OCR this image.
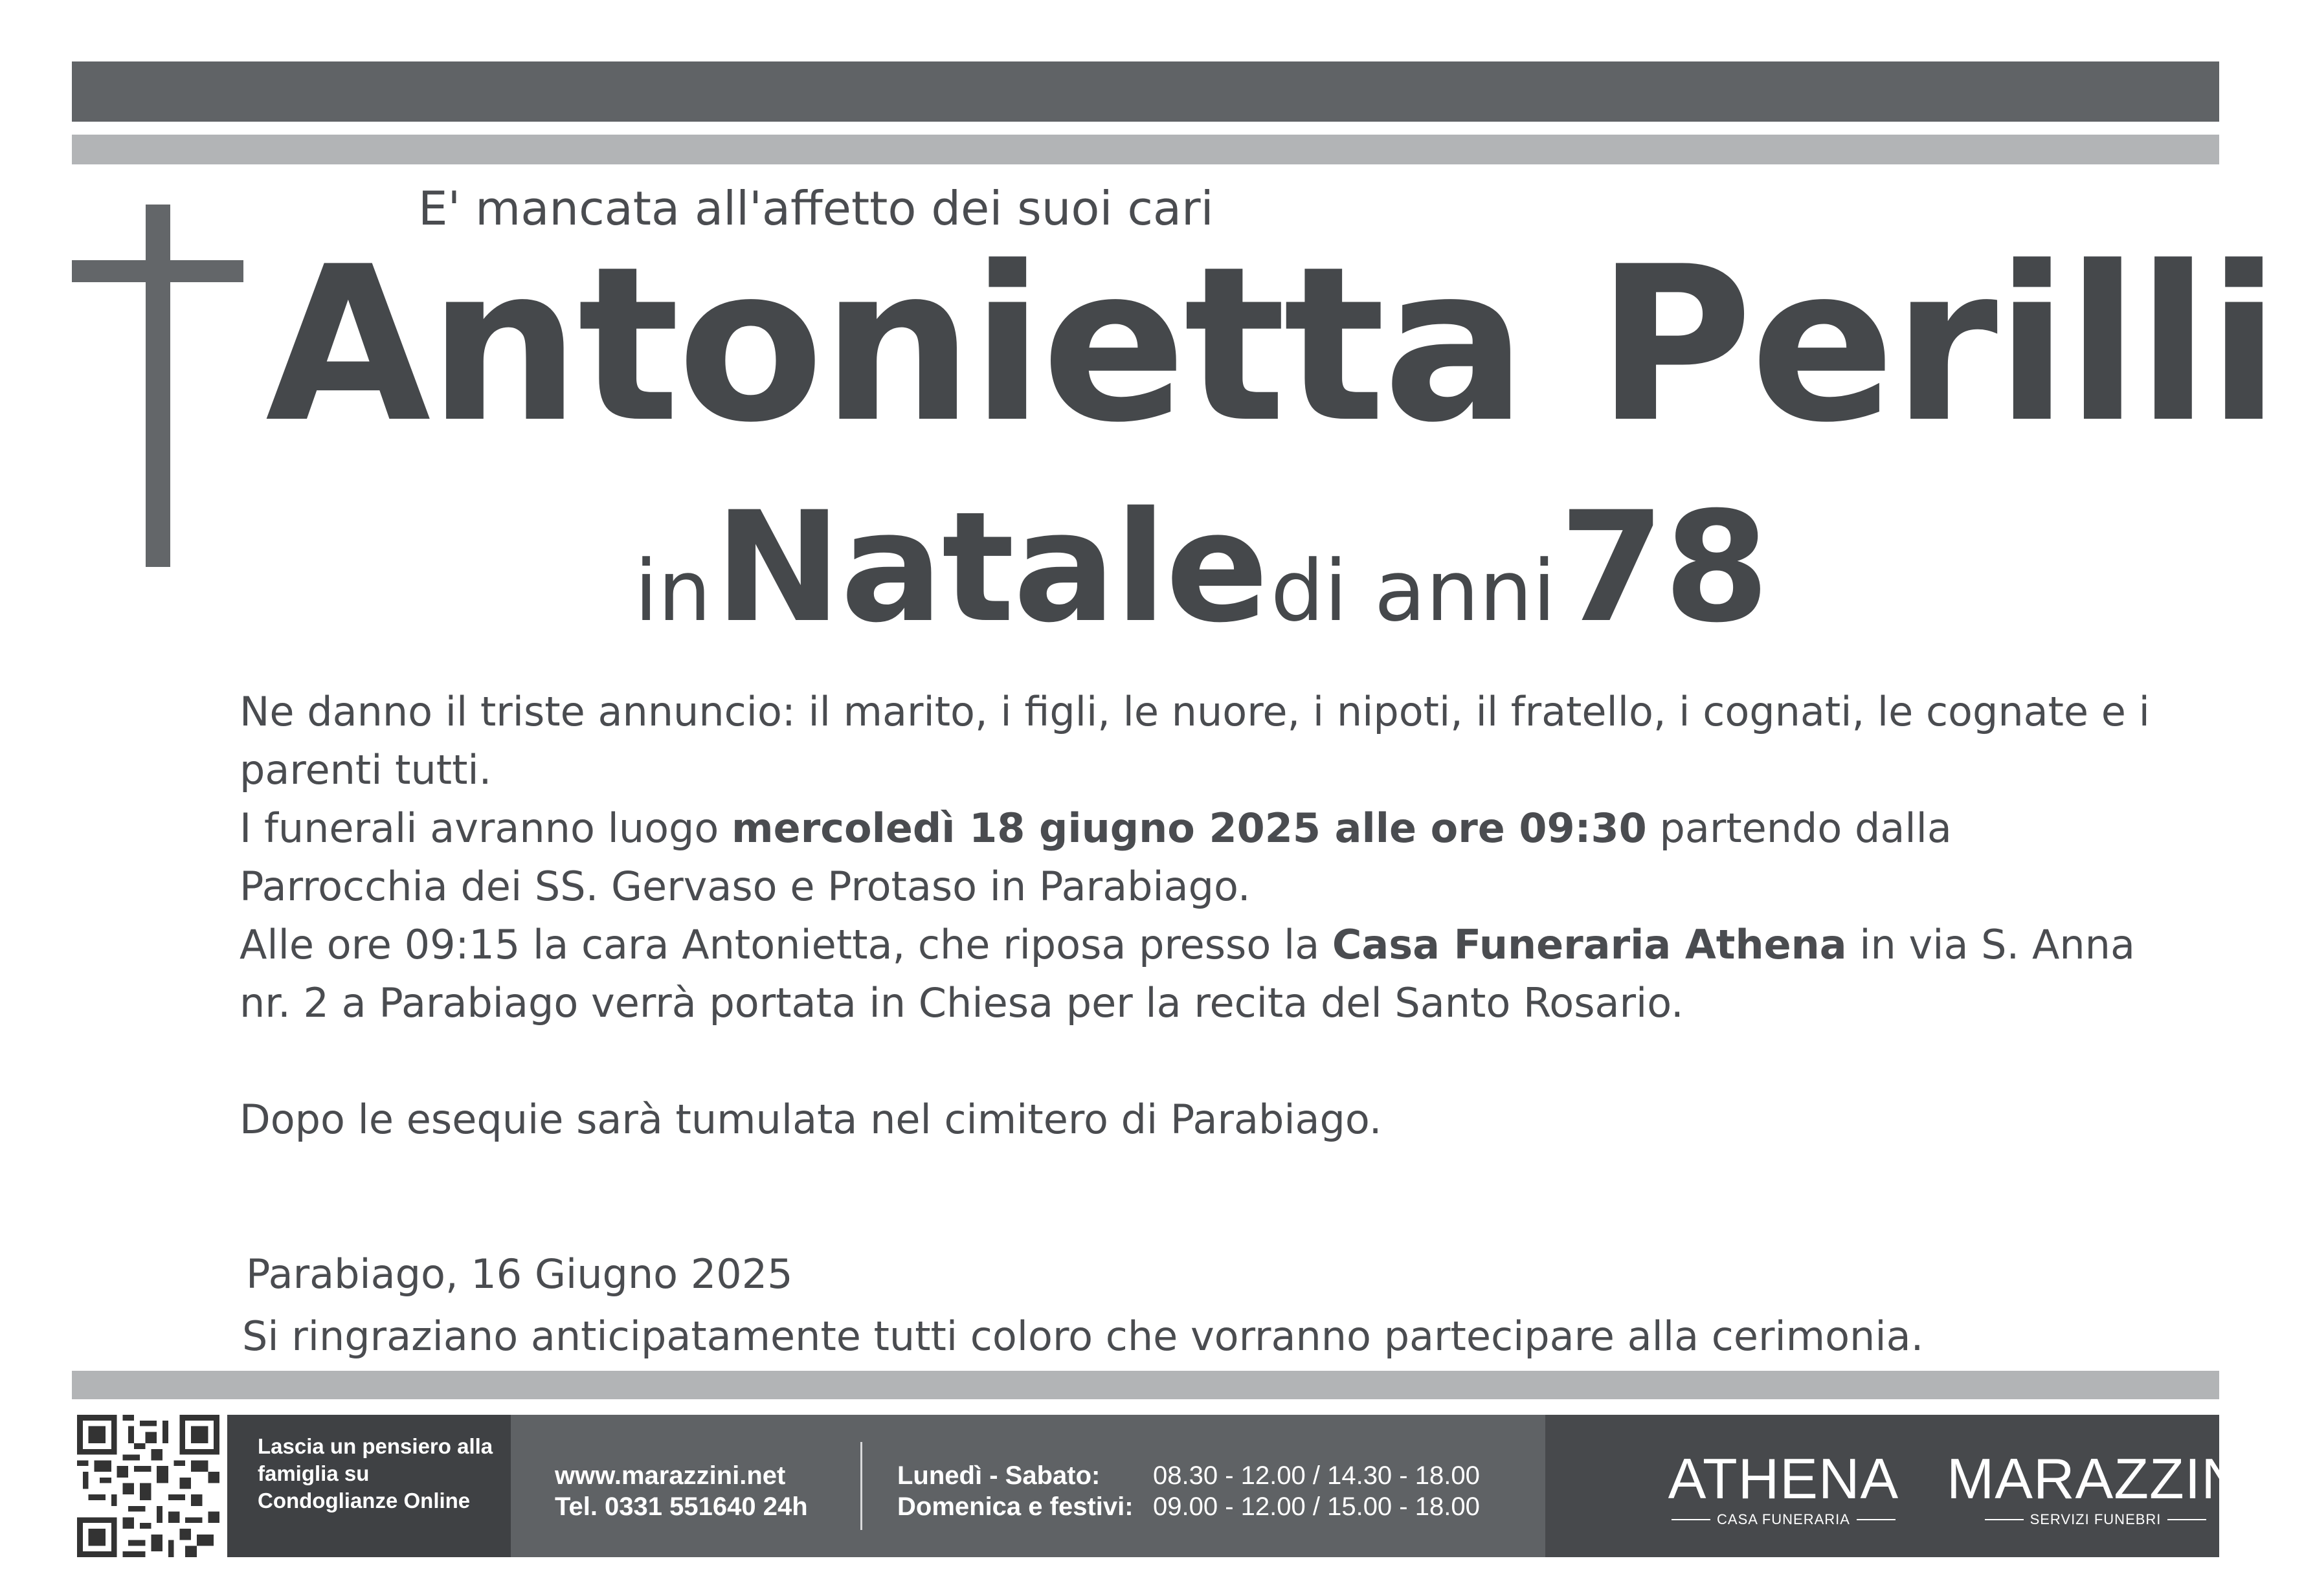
E' mancata all'affetto dei suoi cari
Antonietta Perilli
in Natale di anni 78

Ne danno il triste annuncio: il marito, i figli, le nuore, i nipoti, il fratello, i cognati, le cognate e i parenti tutti.

I funerali avranno luogo mercoledì 18 giugno 2025 alle ore 09:30 partendo dalla Parrocchia dei SS. Gervaso e Protaso in Parabiago.

Alle ore 09:15 la cara Antonietta, che riposa presso la Casa Funeraria Athena in via S. Anna nr. 2 a Parabiago verrà portata in Chiesa per la recita del Santo Rosario.

Dopo le esequie sarà tumulata nel cimitero di Parabiago.

Parabiago, 16 Giugno 2025
Si ringraziano anticipatamente tutti coloro che vorranno partecipare alla cerimonia.
Lascia un pensiero alla famiglia su Condoglianze Online
www.marazzini.net
Tel. 0331 551640 24h
Lunedì - Sabato: 08.30 - 12.00 / 14.30 - 18.00
Domenica e festivi: 09.00 - 12.00 / 15.00 - 18.00	ATHENA
CASA FUNERARIA
MARAZZINI
SERVIZI FUNEBRI
